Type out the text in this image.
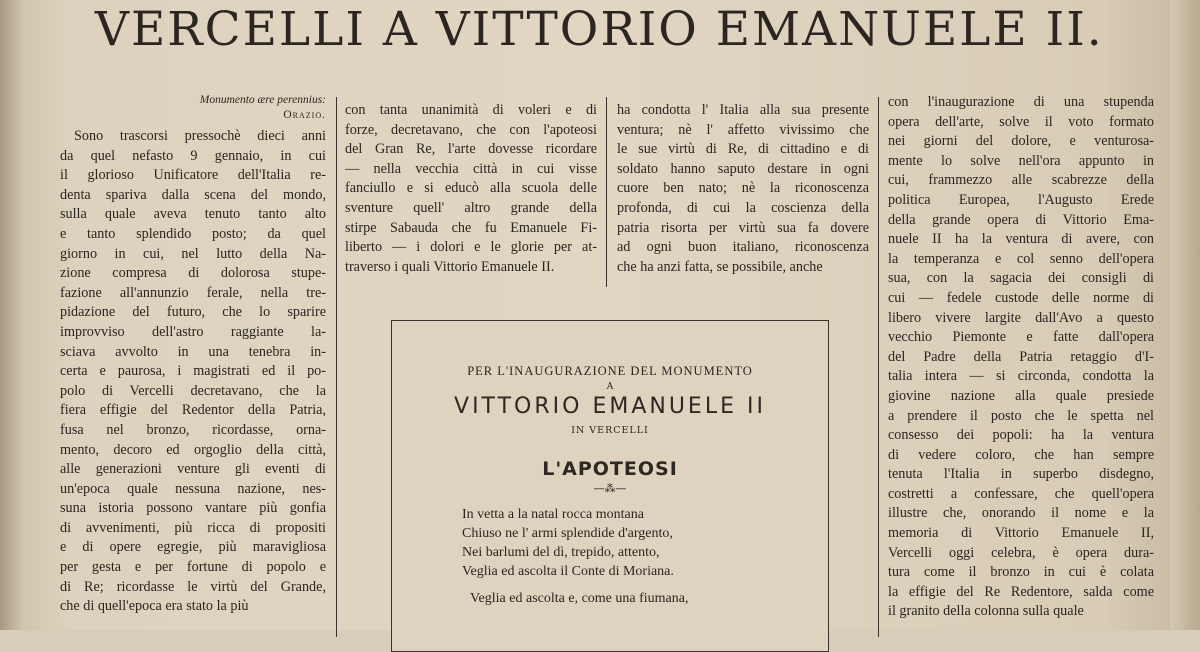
VERCELLI A VITTORIO EMANUELE II.
Monumento ære perennius:
Orazio.
Sono trascorsi pressochè dieci anni
da quel nefasto 9 gennaio, in cui
il glorioso Unificatore dell'Italia re-
denta spariva dalla scena del mondo,
sulla quale aveva tenuto tanto alto
e tanto splendido posto; da quel
giorno in cui, nel lutto della Na-
zione compresa di dolorosa stupe-
fazione all'annunzio ferale, nella tre-
pidazione del futuro, che lo sparire
improvviso dell'astro raggiante la-
sciava avvolto in una tenebra in-
certa e paurosa, i magistrati ed il po-
polo di Vercelli decretavano, che la
fiera effigie del Redentor della Patria,
fusa nel bronzo, ricordasse, orna-
mento, decoro ed orgoglio della città,
alle generazioni venture gli eventi di
un'epoca quale nessuna nazione, nes-
suna istoria possono vantare più gonfia
di avvenimenti, più ricca di propositi
e di opere egregie, più maravigliosa
per gesta e per fortune di popolo e
di Re; ricordasse le virtù del Grande,
che di quell'epoca era stato la più
con tanta unanimità di voleri e di
forze, decretavano, che con l'apoteosi
del Gran Re, l'arte dovesse ricordare
— nella vecchia città in cui visse
fanciullo e si educò alla scuola delle
sventure quell' altro grande della
stirpe Sabauda che fu Emanuele Fi-
liberto — i dolori e le glorie per at-
traverso i quali Vittorio Emanuele II.
ha condotta l' Italia alla sua presente
ventura; nè l' affetto vivissimo che
le sue virtù di Re, di cittadino e di
soldato hanno saputo destare in ogni
cuore ben nato; nè la riconoscenza
profonda, di cui la coscienza della
patria risorta per virtù sua fa dovere
ad ogni buon italiano, riconoscenza
che ha anzi fatta, se possibile, anche
con l'inaugurazione di una stupenda
opera dell'arte, solve il voto formato
nei giorni del dolore, e venturosa-
mente lo solve nell'ora appunto in
cui, frammezzo alle scabrezze della
politica Europea, l'Augusto Erede
della grande opera di Vittorio Ema-
nuele II ha la ventura di avere, con
la temperanza e col senno dell'opera
sua, con la sagacia dei consigli di
cui — fedele custode delle norme di
libero vivere largite dall'Avo a questo
vecchio Piemonte e fatte dall'opera
del Padre della Patria retaggio d'I-
talia intera — si circonda, condotta la
giovine nazione alla quale presiede
a prendere il posto che le spetta nel
consesso dei popoli: ha la ventura
di vedere coloro, che han sempre
tenuta l'Italia in superbo disdegno,
costretti a confessare, che quell'opera
illustre che, onorando il nome e la
memoria di Vittorio Emanuele II,
Vercelli oggi celebra, è opera dura-
tura come il bronzo in cui è colata
la effigie del Re Redentore, salda come
il granito della colonna sulla quale
PER L'INAUGURAZIONE DEL MONUMENTO
A
VITTORIO EMANUELE II
IN VERCELLI
L'APOTEOSI
—⁂—
In vetta a la natal rocca montana
Chiuso ne l' armi splendide d'argento,
Nei barlumi del dì, trepido, attento,
Veglia ed ascolta il Conte di Moriana.
Veglia ed ascolta e, come una fiumana,
